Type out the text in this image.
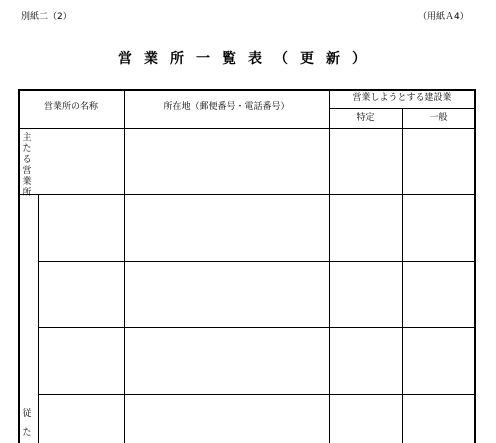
別紙二（2）	（用紙Ａ4）
営業所一覧表（更新）
営業所の名称	所在地（郵便番号・電話番号）
営業しようとする建設業
特定	一般
主たる営業所
従た
